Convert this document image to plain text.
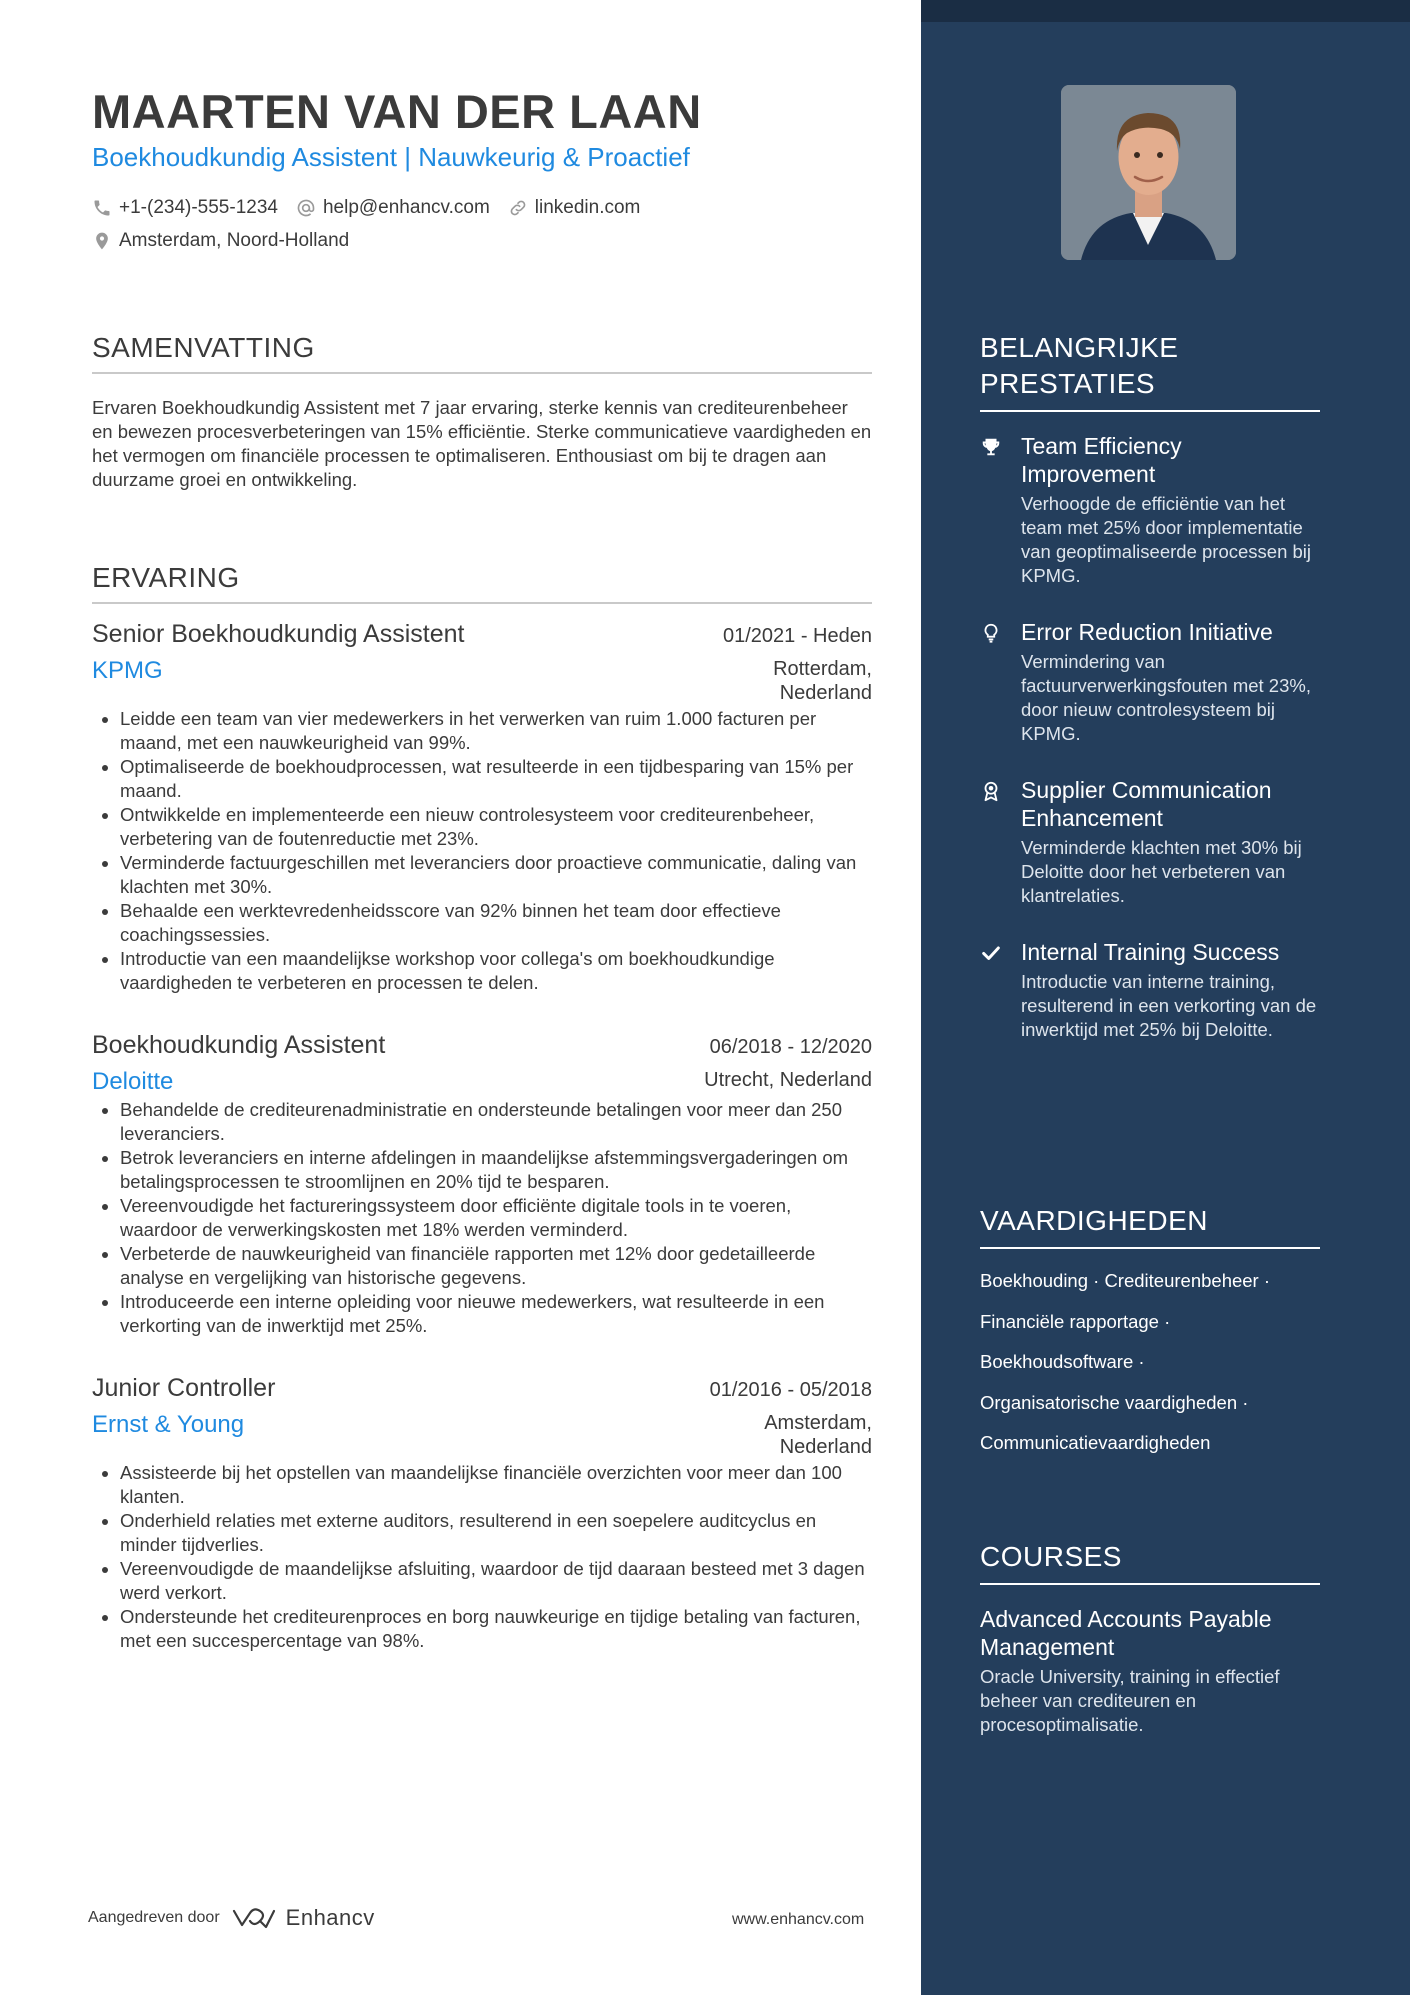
MAARTEN VAN DER LAAN
Boekhoudkundig Assistent | Nauwkeurig & Proactief
+1-(234)-555-1234 help@enhancv.com linkedin.com
Amsterdam, Noord-Holland
SAMENVATTING
Ervaren Boekhoudkundig Assistent met 7 jaar ervaring, sterke kennis van crediteurenbeheer en bewezen procesverbeteringen van 15% efficiëntie. Sterke communicatieve vaardigheden en het vermogen om financiële processen te optimaliseren. Enthousiast om bij te dragen aan duurzame groei en ontwikkeling.
ERVARING
Senior Boekhoudkundig Assistent	01/2021 - Heden
KPMG	Rotterdam,
Nederland
• Leidde een team van vier medewerkers in het verwerken van ruim 1.000 facturen per maand, met een nauwkeurigheid van 99%.
• Optimaliseerde de boekhoudprocessen, wat resulteerde in een tijdbesparing van 15% per maand.
• Ontwikkelde en implementeerde een nieuw controlesysteem voor crediteurenbeheer, verbetering van de foutenreductie met 23%.
• Verminderde factuurgeschillen met leveranciers door proactieve communicatie, daling van klachten met 30%.
• Behaalde een werktevredenheidsscore van 92% binnen het team door effectieve coachingssessies.
• Introductie van een maandelijkse workshop voor collega's om boekhoudkundige vaardigheden te verbeteren en processen te delen.
Boekhoudkundig Assistent	06/2018 - 12/2020
Deloitte	Utrecht, Nederland
• Behandelde de crediteurenadministratie en ondersteunde betalingen voor meer dan 250 leveranciers.
• Betrok leveranciers en interne afdelingen in maandelijkse afstemmingsvergaderingen om betalingsprocessen te stroomlijnen en 20% tijd te besparen.
• Vereenvoudigde het factureringssysteem door efficiënte digitale tools in te voeren, waardoor de verwerkingskosten met 18% werden verminderd.
• Verbeterde de nauwkeurigheid van financiële rapporten met 12% door gedetailleerde analyse en vergelijking van historische gegevens.
• Introduceerde een interne opleiding voor nieuwe medewerkers, wat resulteerde in een verkorting van de inwerktijd met 25%.
Junior Controller	01/2016 - 05/2018
Ernst & Young	Amsterdam,
Nederland
• Assisteerde bij het opstellen van maandelijkse financiële overzichten voor meer dan 100 klanten.
• Onderhield relaties met externe auditors, resulterend in een soepelere auditcyclus en minder tijdverlies.
• Vereenvoudigde de maandelijkse afsluiting, waardoor de tijd daaraan besteed met 3 dagen werd verkort.
• Ondersteunde het crediteurenproces en borg nauwkeurige en tijdige betaling van facturen, met een succespercentage van 98%.
Aangedreven door	Enhancv	www.enhancv.com
BELANGRIJKE
PRESTATIES
Team Efficiency Improvement
Verhoogde de efficiëntie van het team met 25% door implementatie van geoptimaliseerde processen bij KPMG.
Error Reduction Initiative
Vermindering van factuurverwerkingsfouten met 23%, door nieuw controlesysteem bij KPMG.
Supplier Communication Enhancement
Verminderde klachten met 30% bij Deloitte door het verbeteren van klantrelaties.
Internal Training Success
Introductie van interne training, resulterend in een verkorting van de inwerktijd met 25% bij Deloitte.
VAARDIGHEDEN
Boekhouding · Crediteurenbeheer ·
Financiële rapportage ·
Boekhoudsoftware ·
Organisatorische vaardigheden ·
Communicatievaardigheden
COURSES
Advanced Accounts Payable Management
Oracle University, training in effectief beheer van crediteuren en procesoptimalisatie.
